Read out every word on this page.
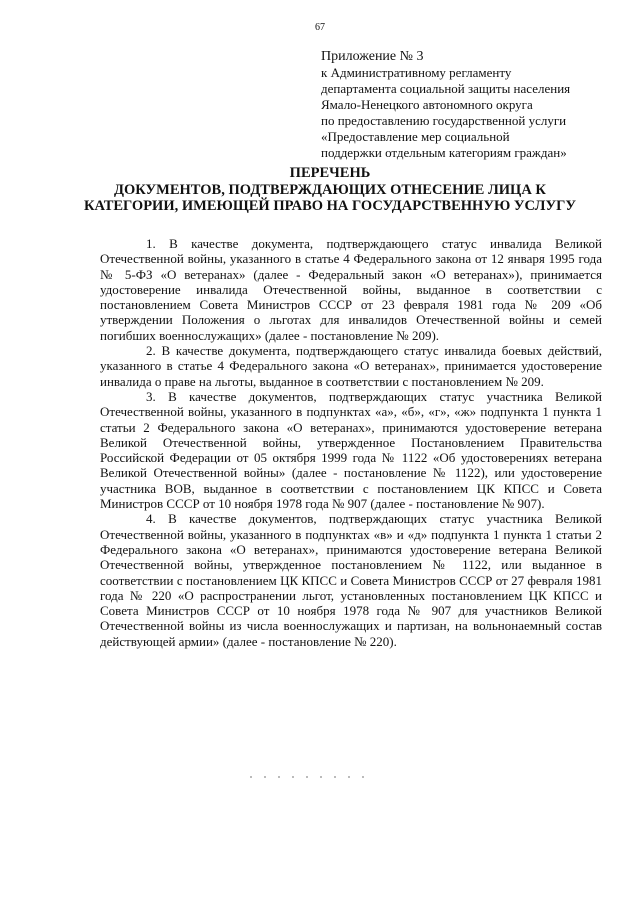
67
Приложение № 3
к Административному регламенту
департамента социальной защиты населения
Ямало-Ненецкого автономного округа
по предоставлению государственной услуги
«Предоставление мер социальной
поддержки отдельным категориям граждан»
ПЕРЕЧЕНЬ
ДОКУМЕНТОВ, ПОДТВЕРЖДАЮЩИХ ОТНЕСЕНИЕ ЛИЦА К
КАТЕГОРИИ, ИМЕЮЩЕЙ ПРАВО НА ГОСУДАРСТВЕННУЮ УСЛУГУ

1. В качестве документа, подтверждающего статус инвалида Великой Отечественной войны, указанного в статье 4 Федерального закона от 12 января 1995 года № 5-ФЗ «О ветеранах» (далее - Федеральный закон «О ветеранах»), принимается удостоверение инвалида Отечественной войны, выданное в соответствии с постановлением Совета Министров СССР от 23 февраля 1981 года № 209 «Об утверждении Положения о льготах для инвалидов Отечественной войны и семей погибших военнослужащих» (далее - постановление № 209).

2. В качестве документа, подтверждающего статус инвалида боевых действий, указанного в статье 4 Федерального закона «О ветеранах», принимается удостоверение инвалида о праве на льготы, выданное в соответствии с постановлением № 209.

3. В качестве документов, подтверждающих статус участника Великой Отечественной войны, указанного в подпунктах «а», «б», «г», «ж» подпункта 1 пункта 1 статьи 2 Федерального закона «О ветеранах», принимаются удостоверение ветерана Великой Отечественной войны, утвержденное Постановлением Правительства Российской Федерации от 05 октября 1999 года № 1122 «Об удостоверениях ветерана Великой Отечественной войны» (далее - постановление № 1122), или удостоверение участника ВОВ, выданное в соответствии с постановлением ЦК КПСС и Совета Министров СССР от 10 ноября 1978 года № 907 (далее - постановление № 907).

4. В качестве документов, подтверждающих статус участника Великой Отечественной войны, указанного в подпунктах «в» и «д» подпункта 1 пункта 1 статьи 2 Федерального закона «О ветеранах», принимаются удостоверение ветерана Великой Отечественной войны, утвержденное постановлением № 1122, или выданное в соответствии с постановлением ЦК КПСС и Совета Министров СССР от 27 февраля 1981 года № 220 «О распространении льгот, установленных постановлением ЦК КПСС и Совета Министров СССР от 10 ноября 1978 года № 907 для участников Великой Отечественной войны из числа военнослужащих и партизан, на вольнонаемный состав действующей армии» (далее - постановление № 220).
